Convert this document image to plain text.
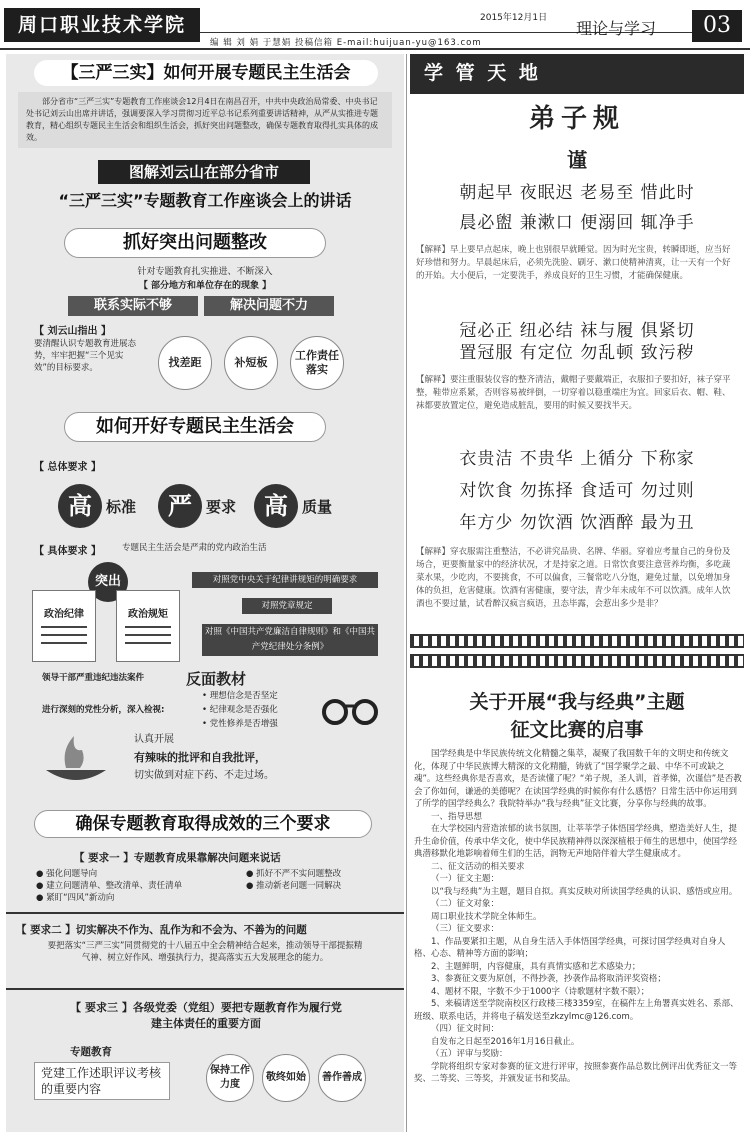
周口职业技术学院	2015年12月1日
理论与学习	03
编 辑 刘 娟 于慧娟 投稿信箱 E-mail:huijuan-yu@163.com
【三严三实】如何开展专题民主生活会
部分省市“三严三实”专题教育工作座谈会12月4日在南昌召开，中共中央政治局常委、中央书记处书记刘云山出席并讲话，强调要深入学习贯彻习近平总书记系列重要讲话精神，从严从实推进专题教育，精心组织专题民主生活会和组织生活会，抓好突出问题整改，确保专题教育取得扎实具体的成效。
图解刘云山在部分省市
“三严三实”专题教育工作座谈会上的讲话
抓好突出问题整改
针对专题教育扎实推进、不断深入
【 部分地方和单位存在的现象 】
联系实际不够	解决问题不力
【 刘云山指出 】
要清醒认识专题教育进展态势，牢牢把握“三个见实效”的目标要求。	找差距	补短板
工作责任落实
如何开好专题民主生活会
【 总体要求 】
高 标准	严 要求	高 质量
【 具体要求 】 专题民主生活会是严肃的党内政治生活
突出
政治纪律	政治规矩
对照党中央关于纪律讲规矩的明确要求
对照党章规定
对照《中国共产党廉洁自律规则》和《中国共产党纪律处分条例》
领导干部严重违纪违法案件	反面教材
进行深刻的党性分析，深入检视:
• 理想信念是否坚定
• 纪律观念是否强化
• 党性修养是否增强
认真开展
有辣味的批评和自我批评，
切实做到对症下药、不走过场。
确保专题教育取得成效的三个要求
【 要求一 】专题教育成果靠解决问题来说话
● 强化问题导向
● 建立问题清单、整改清单、责任清单
● 紧盯“四风”新动向
● 抓好不严不实问题整改
● 推动新老问题一同解决
【 要求二 】切实解决不作为、乱作为和不会为、不善为的问题
要把落实“三严三实”同贯彻党的十八届五中全会精神结合起来，推动领导干部提振精气神、树立好作风、增强执行力，提高落实五大发展理念的能力。
【 要求三 】各级党委（党组）要把专题教育作为履行党建主体责任的重要方面
专题教育
党建工作述职评议考核的重要内容
保持工作力度
敬终如始	善作善成
学 管 天 地
弟子规
谨
朝起早 夜眠迟 老易至 惜此时
晨必盥 兼漱口 便溺回 辄净手
【解释】早上要早点起床，晚上也别很早就睡觉。因为时光宝贵，转瞬即逝，应当好好珍惜和努力。早晨起床后，必须先洗脸、刷牙、漱口使精神清爽，让一天有一个好的开始。大小便后，一定要洗手，养成良好的卫生习惯，才能确保健康。
冠必正 纽必结 袜与履 俱紧切
置冠服 有定位 勿乱顿 致污秽
【解释】要注重服装仪容的整齐清洁，戴帽子要戴端正，衣服扣子要扣好，袜子穿平整，鞋带应系紧，否则容易被绊倒，一切穿着以稳重端庄为宜。回家后衣、帽、鞋、袜都要放置定位，避免造成脏乱，要用的时候又要找半天。
衣贵洁 不贵华 上循分 下称家
对饮食 勿拣择 食适可 勿过则
年方少 勿饮酒 饮酒醉 最为丑
【解释】穿衣服需注重整洁，不必讲究品贵、名牌、华丽。穿着应考量自己的身份及场合，更要衡量家中的经济状况，才是持家之道。日常饮食要注意营养均衡，多吃蔬菜水果，少吃肉，不要挑食，不可以偏食，三餐常吃八分饱，避免过量，以免增加身体的负担，危害健康。饮酒有害健康，要守法，青少年未成年不可以饮酒。成年人饮酒也不要过量，试看醉汉疯言疯语，丑态毕露，会惹出多少是非？
关于开展“我与经典”主题
征文比赛的启事

国学经典是中华民族传统文化精髓之集萃，凝聚了我国数千年的文明史和传统文化，体现了中华民族博大精深的文化精髓，铸就了“国学聚学之最、中华不可或缺之魂”。这些经典你是否喜欢，是否读懂了呢？“弟子规，圣人训，首孝悌，次谨信”是否教会了你如何，谦逊的美德呢？在读国学经典的时候你有什么感悟？日常生活中你运用到了所学的国学经典么？我院特举办“我与经典”征文比赛，分享你与经典的故事。

一、指导思想

在大学校园内营造浓郁的读书氛围，让莘莘学子体悟国学经典，塑造美好人生，提升生命价值，传承中华文化，使中华民族精神得以深深植根于师生的思想中，使国学经典潜移默化地影响着师生们的生活，润物无声地陪伴着大学生健康成才。

二、征文活动的相关要求

（一）征文主题：

以“我与经典”为主题，题目自拟。真实反映对所读国学经典的认识、感悟或应用。

（二）征文对象：

周口职业技术学院全体师生。

（三）征文要求：

1、作品要紧扣主题，从自身生活入手体悟国学经典，可探讨国学经典对自身人格、心态、精神等方面的影响；

2、主题鲜明，内容健康，具有真情实感和艺术感染力；

3、参赛征文要为原创，不得抄袭，抄袭作品将取消评奖资格；

4、题材不限，字数不少于1000字（诗歌题材字数不限）；

5、来稿请送至学院南校区行政楼三楼3359室，在稿件左上角署真实姓名、系部、班级、联系电话，并将电子稿发送至zkzylmc@126.com。

（四）征文时间：

自发布之日起至2016年1月16日截止。

（五）评审与奖励：

学院将组织专家对参赛的征文进行评审，按照参赛作品总数比例评出优秀征文一等奖、二等奖、三等奖，并颁发证书和奖品。
